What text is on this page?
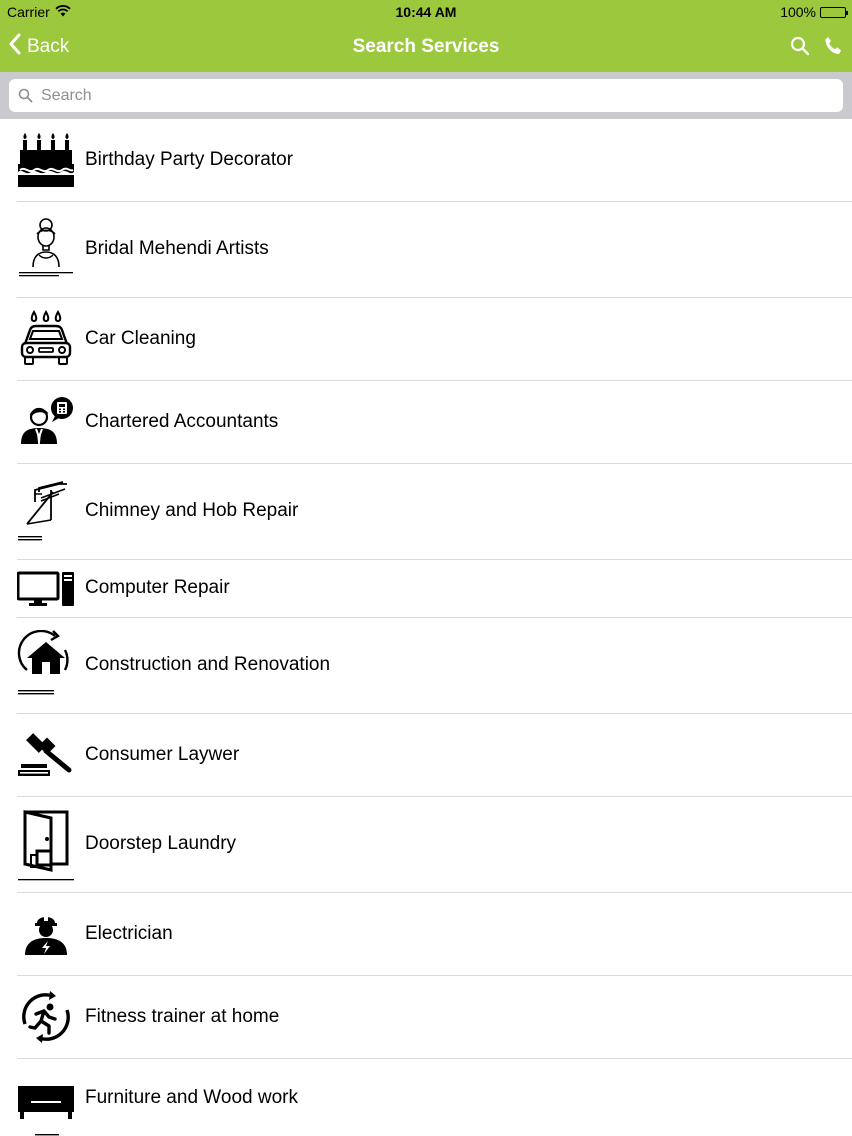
Carrier	10:44 AM	100%
Back	Search Services
Search
Birthday Party Decorator
Bridal Mehendi Artists
Car Cleaning
Chartered Accountants
Chimney and Hob Repair
Computer Repair
Construction and Renovation
Consumer Laywer
Doorstep Laundry
Electrician
Fitness trainer at home
Furniture and Wood work
